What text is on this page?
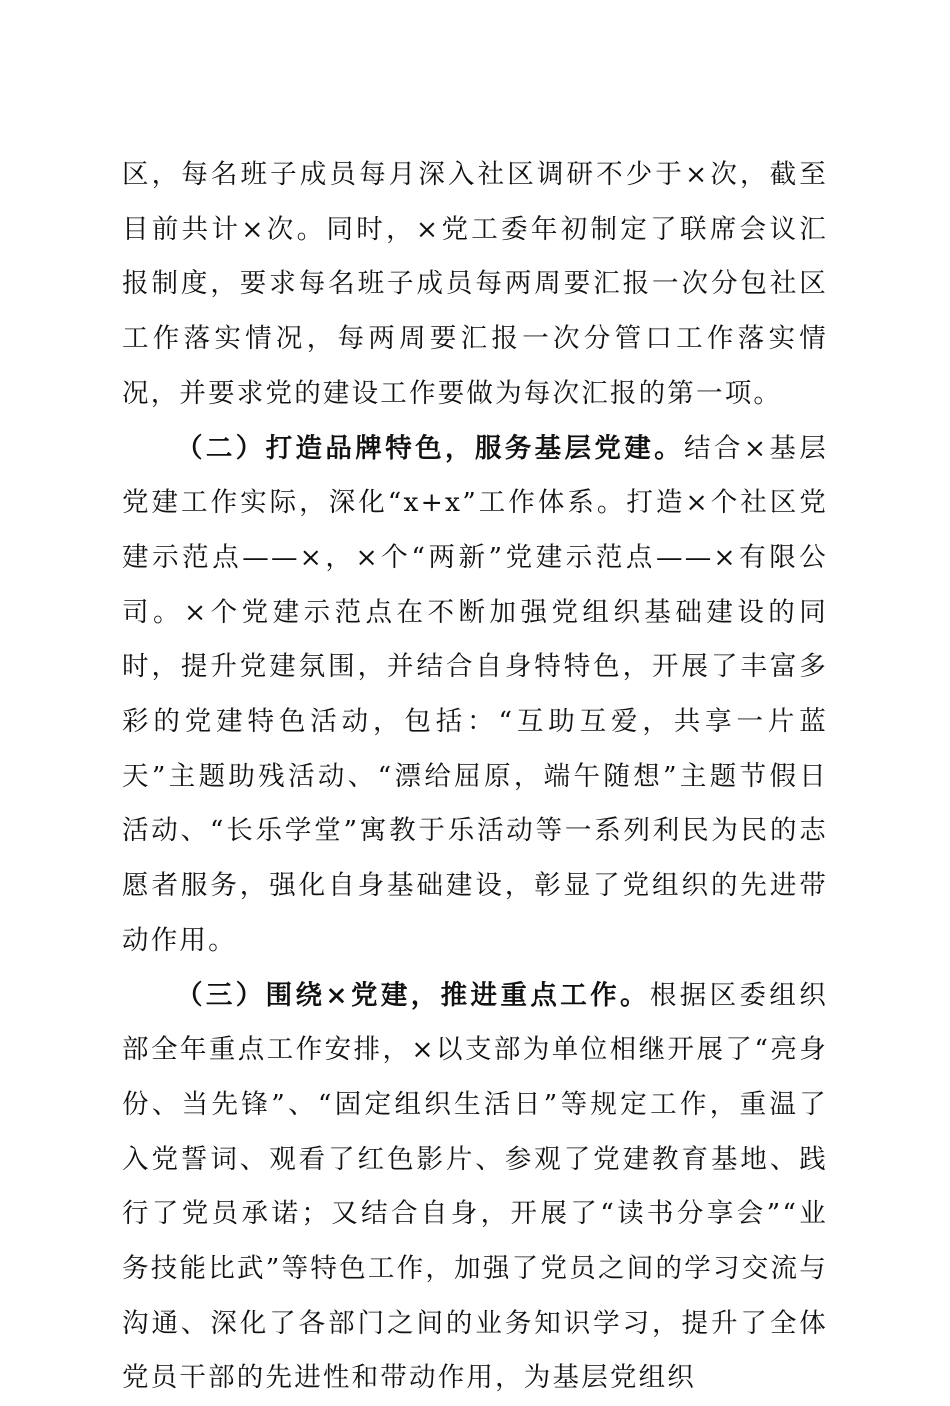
区，每名班子成员每月深入社区调研不少于×次，截至目前共计×次。同时，×党工委年初制定了联席会议汇报制度，要求每名班子成员每两周要汇报一次分包社区工作落实情况，每两周要汇报一次分管口工作落实情况，并要求党的建设工作要做为每次汇报的第一项。

（二）打造品牌特色，服务基层党建。结合×基层党建工作实际，深化“x+x”工作体系。打造×个社区党建示范点——×，×个“两新”党建示范点——×有限公司。×个党建示范点在不断加强党组织基础建设的同时，提升党建氛围，并结合自身特特色，开展了丰富多彩的党建特色活动，包括：“互助互爱，共享一片蓝天”主题助残活动、“漂给屈原，端午随想”主题节假日活动、“长乐学堂”寓教于乐活动等一系列利民为民的志愿者服务，强化自身基础建设，彰显了党组织的先进带动作用。

（三）围绕×党建，推进重点工作。根据区委组织部全年重点工作安排，×以支部为单位相继开展了“亮身份、当先锋”、“固定组织生活日”等规定工作，重温了入党誓词、观看了红色影片、参观了党建教育基地、践行了党员承诺；又结合自身，开展了“读书分享会”“业务技能比武”等特色工作，加强了党员之间的学习交流与沟通、深化了各部门之间的业务知识学习，提升了全体党员干部的先进性和带动作用，为基层党组织
